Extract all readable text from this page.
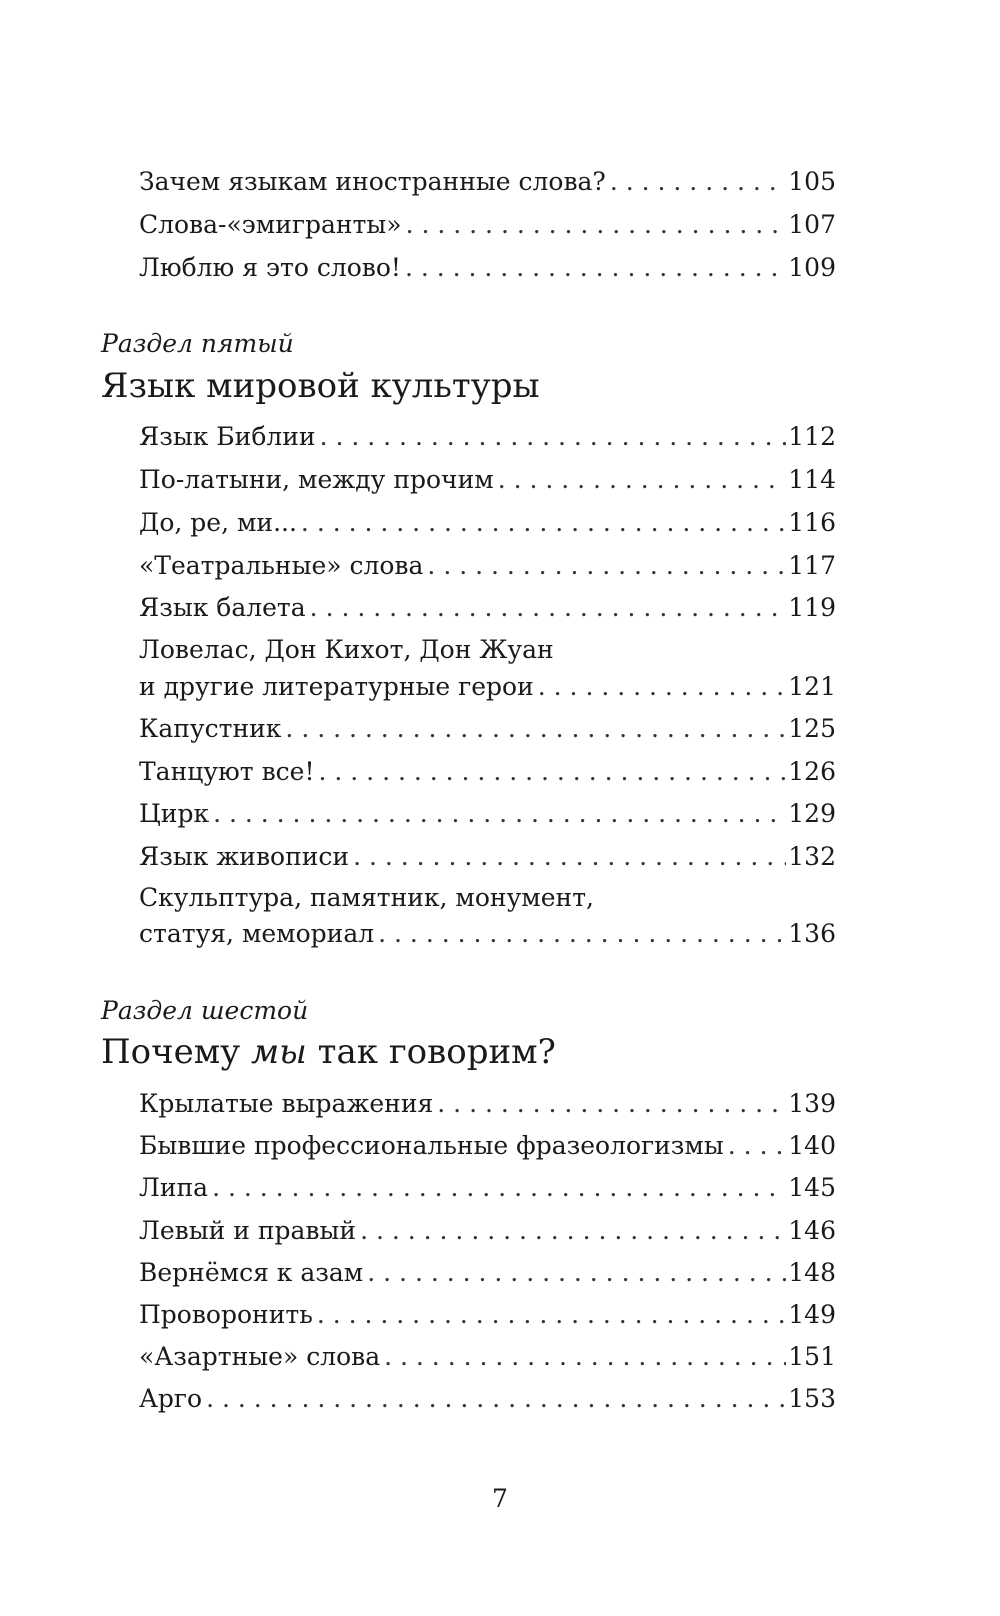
Зачем языкам иностранные слова? . . .	105
Слова-«эмигранты» . . .	107
Люблю я это слово! . . .	109
Раздел пятый
Язык мировой культуры
Язык Библии . . .	112
По-латыни, между прочим . . .	114
До, ре, ми... . . .	116
«Театральные» слова . . .	117
Язык балета . . .	119
Ловелас, Дон Кихот, Дон Жуан
и другие литературные герои . . .	121
Капустник . . .	125
Танцуют все! . . .	126
Цирк . . .	129
Язык живописи . . .	132
Скульптура, памятник, монумент,
статуя, мемориал . . .	136
Раздел шестой
Почему мы так говорим?
Крылатые выражения . . .	139
Бывшие профессиональные фразеологизмы . . .	140
Липа . . .	145
Левый и правый . . .	146
Вернёмся к азам . . .	148
Проворонить . . .	149
«Азартные» слова . . .	151
Арго . . .	153
7
